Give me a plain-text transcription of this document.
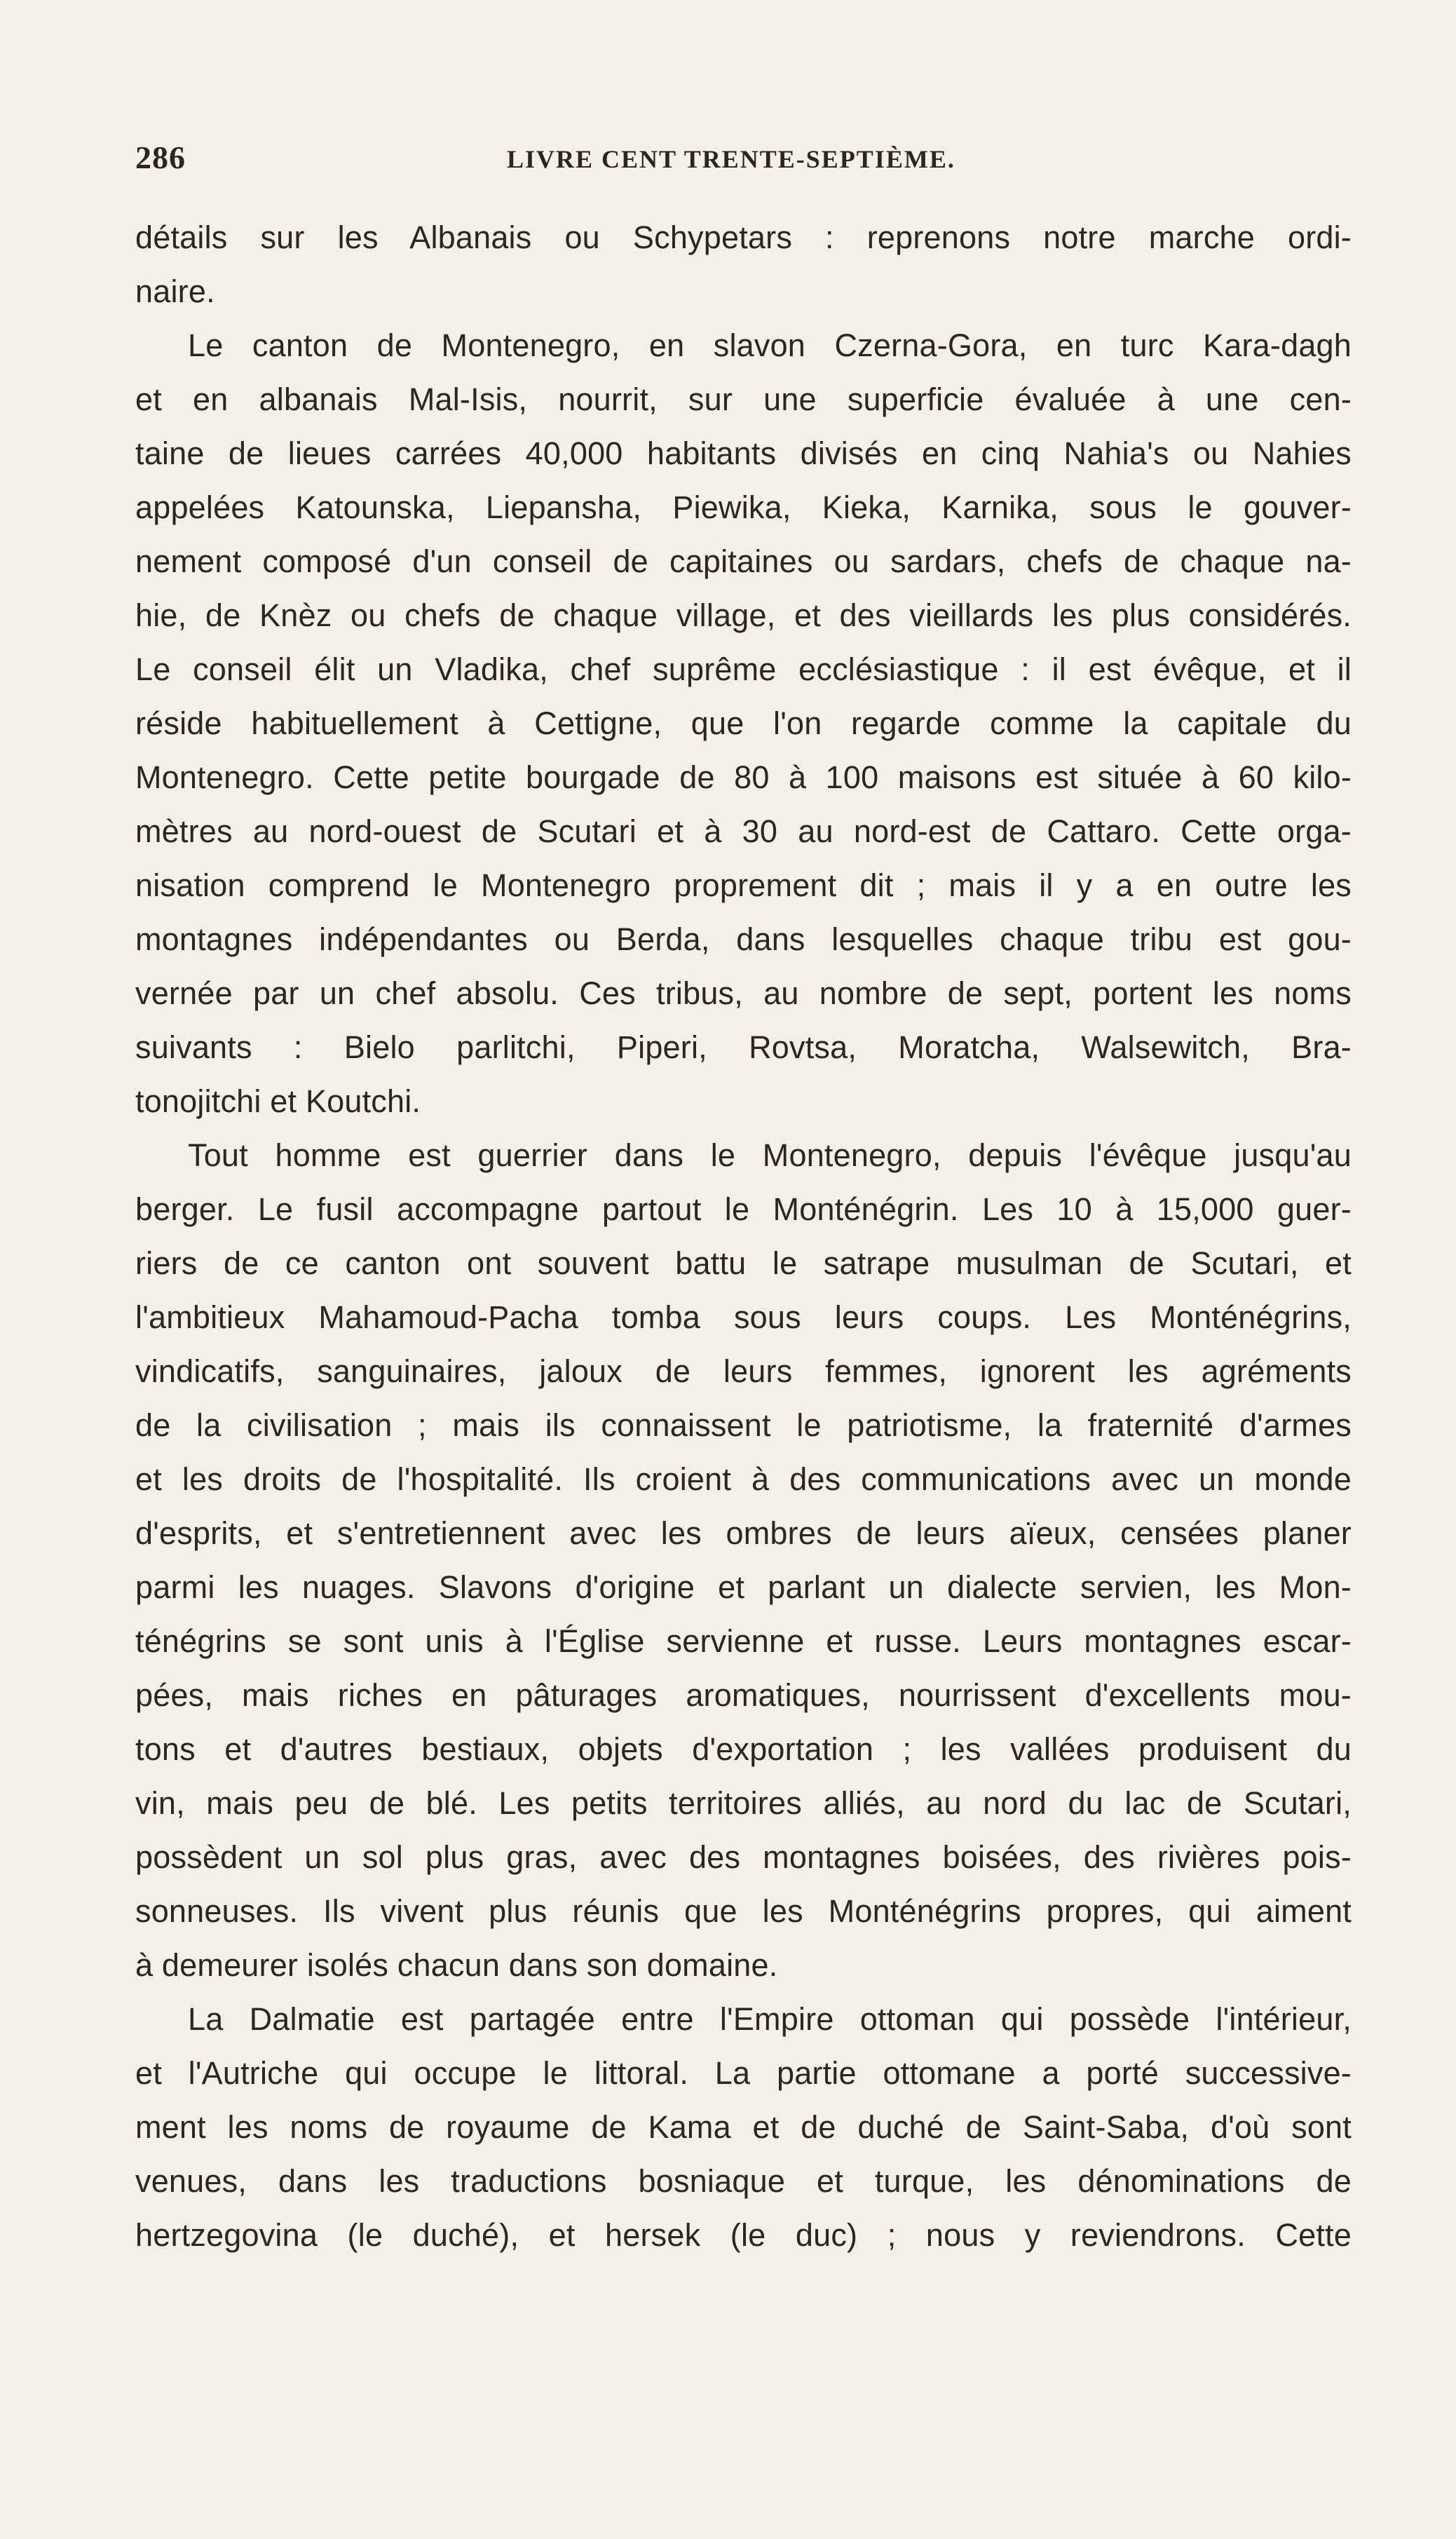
286	LIVRE CENT TRENTE-SEPTIÈME.
détails sur les Albanais ou Schypetars : reprenons notre marche ordi-
naire.
Le canton de Montenegro, en slavon Czerna-Gora, en turc Kara-dagh
et en albanais Mal-Isis, nourrit, sur une superficie évaluée à une cen-
taine de lieues carrées 40,000 habitants divisés en cinq Nahia's ou Nahies
appelées Katounska, Liepansha, Piewika, Kieka, Karnika, sous le gouver-
nement composé d'un conseil de capitaines ou sardars, chefs de chaque na-
hie, de Knèz ou chefs de chaque village, et des vieillards les plus considérés.
Le conseil élit un Vladika, chef suprême ecclésiastique : il est évêque, et il
réside habituellement à Cettigne, que l'on regarde comme la capitale du
Montenegro. Cette petite bourgade de 80 à 100 maisons est située à 60 kilo-
mètres au nord-ouest de Scutari et à 30 au nord-est de Cattaro. Cette orga-
nisation comprend le Montenegro proprement dit ; mais il y a en outre les
montagnes indépendantes ou Berda, dans lesquelles chaque tribu est gou-
vernée par un chef absolu. Ces tribus, au nombre de sept, portent les noms
suivants : Bielo parlitchi, Piperi, Rovtsa, Moratcha, Walsewitch, Bra-
tonojitchi et Koutchi.
Tout homme est guerrier dans le Montenegro, depuis l'évêque jusqu'au
berger. Le fusil accompagne partout le Monténégrin. Les 10 à 15,000 guer-
riers de ce canton ont souvent battu le satrape musulman de Scutari, et
l'ambitieux Mahamoud-Pacha tomba sous leurs coups. Les Monténégrins,
vindicatifs, sanguinaires, jaloux de leurs femmes, ignorent les agréments
de la civilisation ; mais ils connaissent le patriotisme, la fraternité d'armes
et les droits de l'hospitalité. Ils croient à des communications avec un monde
d'esprits, et s'entretiennent avec les ombres de leurs aïeux, censées planer
parmi les nuages. Slavons d'origine et parlant un dialecte servien, les Mon-
ténégrins se sont unis à l'Église servienne et russe. Leurs montagnes escar-
pées, mais riches en pâturages aromatiques, nourrissent d'excellents mou-
tons et d'autres bestiaux, objets d'exportation ; les vallées produisent du
vin, mais peu de blé. Les petits territoires alliés, au nord du lac de Scutari,
possèdent un sol plus gras, avec des montagnes boisées, des rivières pois-
sonneuses. Ils vivent plus réunis que les Monténégrins propres, qui aiment
à demeurer isolés chacun dans son domaine.
La Dalmatie est partagée entre l'Empire ottoman qui possède l'intérieur,
et l'Autriche qui occupe le littoral. La partie ottomane a porté successive-
ment les noms de royaume de Kama et de duché de Saint-Saba, d'où sont
venues, dans les traductions bosniaque et turque, les dénominations de
hertzegovina (le duché), et hersek (le duc) ; nous y reviendrons. Cette
